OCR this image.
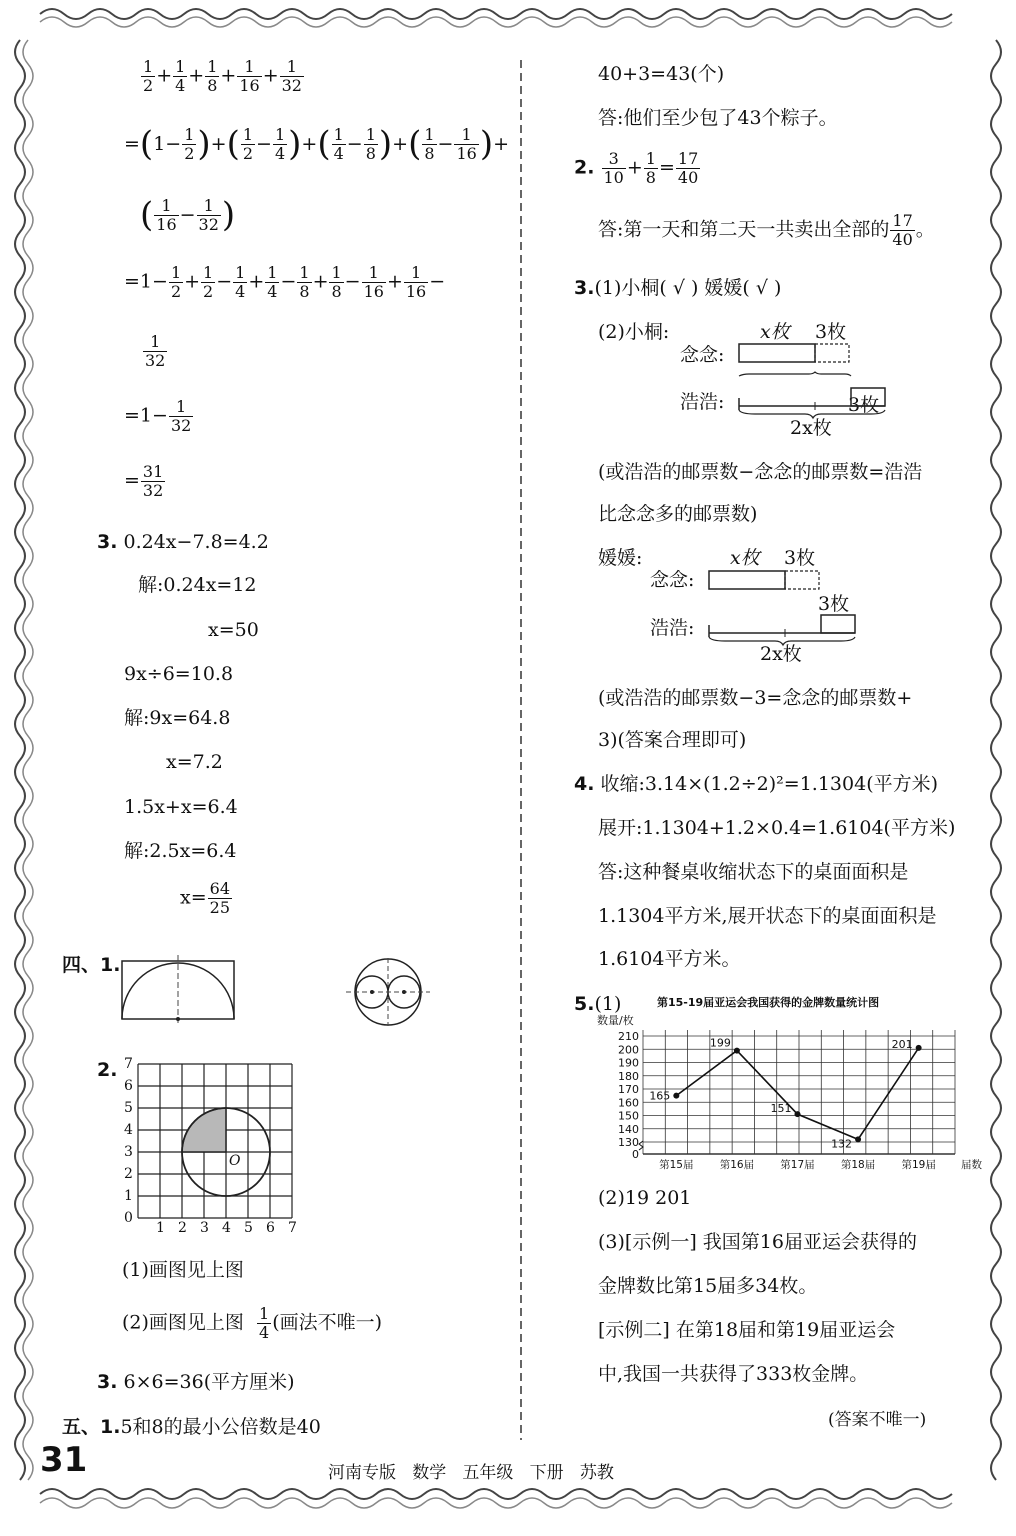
$\frac{1}{2} + \frac{1}{4} + \frac{1}{8} + \frac{1}{16} + \frac{1}{32}$
= ( $1- \frac{1}{2}$ ) + ( $\frac{1}{2} - \frac{1}{4}$ ) + ( $\frac{1}{4} - \frac{1}{8}$ ) + ( $\frac{1}{8} - \frac{1}{16}$ ) +
( $\frac{1}{16} - \frac{1}{32}$ )
$=1- \frac{1}{2} + \frac{1}{2} - \frac{1}{4} + \frac{1}{4} - \frac{1}{8} + \frac{1}{8} - \frac{1}{16} + \frac{1}{16}$ −
$\frac{1}{32}$
$=1- \frac{1}{32}$
= $\frac{31}{32}$
3. 0.24x−7.8=4.2
解:0.24x=12
x=50
9x÷6=10.8
解:9x=64.8
x=7.2
1.5x+x=6.4
解:2.5x=6.4
$x= \frac{64}{25}$
四、1.
2. 7
6
5
4
3
2
1
0
1 2 3 4 5 6 7
O
(1)画图见上图
(2)画图见上图 $\frac{1}{4}$ (画法不唯一)
3. 6×6=36(平方厘米)
五、1.5和8的最小公倍数是40
40+3=43(个)
答:他们至少包了43个粽子。
2. $\frac{3}{10} + \frac{1}{8} = \frac{17}{40}$
答:第一天和第二天一共卖出全部的 $\frac{17}{40}$ 。
3.(1)小桐( √ ) 媛媛( √ )
(2)小桐:
念念:
浩浩:
x枚 3枚
3枚
2x枚
(或浩浩的邮票数−念念的邮票数=浩浩
比念念多的邮票数)
媛媛:
念念:
浩浩:
x枚 3枚
3枚
2x枚
(或浩浩的邮票数−3=念念的邮票数+
3)(答案合理即可)
4. 收缩:3.14×(1.2÷2)²=1.1304(平方米)
展开:1.1304+1.2×0.4=1.6104(平方米)
答:这种餐桌收缩状态下的桌面面积是
1.1304平方米,展开状态下的桌面面积是
1.6104平方米。
5.(1)	第15-19届亚运会我国获得的金牌数量统计图
数量/枚
0
130
140
150
160
170
180
190
200
210
第15届 第16届 第17届 第18届 第19届 届数
165
199
151
132
201
(2)19 201
(3)[示例一] 我国第16届亚运会获得的
金牌数比第15届多34枚。
[示例二] 在第18届和第19届亚运会
中,我国一共获得了333枚金牌。
(答案不唯一)
31	河南专版   数学   五年级   下册   苏教
